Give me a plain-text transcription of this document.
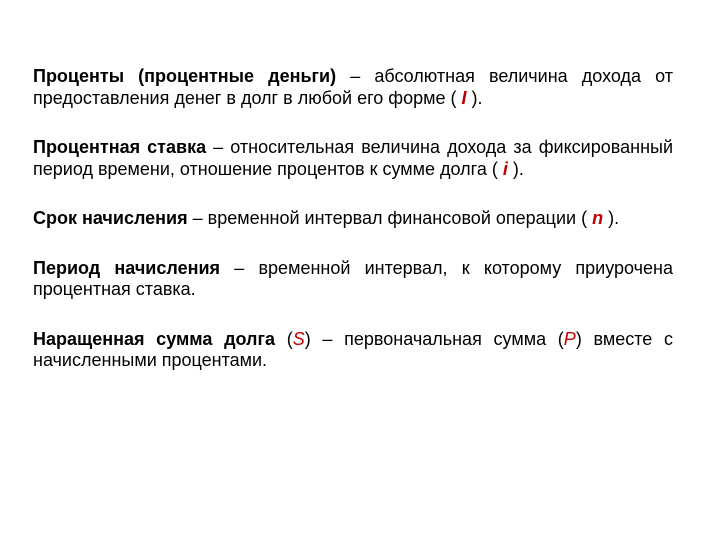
Проценты (процентные деньги) – абсолютная величина дохода от предоставления денег в долг в любой его форме ( I ).

Процентная ставка – относительная величина дохода за фиксированный период времени, отношение процентов к сумме долга ( i ).

Срок начисления – временной интервал финансовой операции ( n ).

Период начисления – временной интервал, к которому приурочена процентная ставка.

Наращенная сумма долга (S) – первоначальная сумма (P) вместе с начисленными процентами.
